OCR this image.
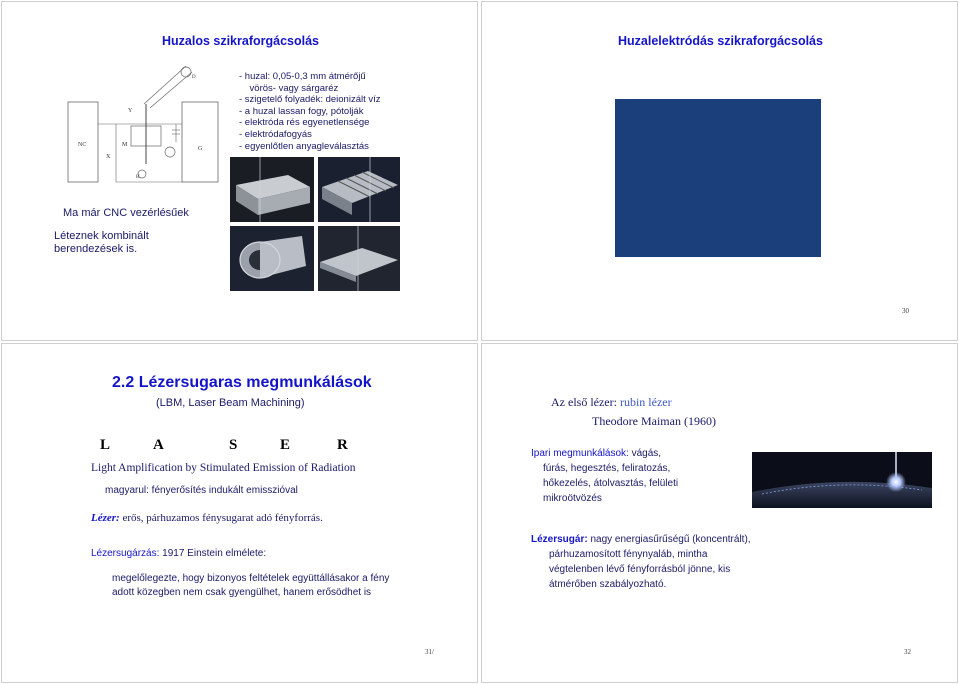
Huzalos szikraforgácsolás
NC
G
Y
X
M
D
H
- huzal: 0,05-0,3 mm átmérőjű
vörös- vagy sárgaréz
- szigetelő folyadék: deionizált víz
- a huzal lassan fogy, pótolják
- elektróda rés egyenetlensége
- elektródafogyás
- egyenlőtlen anyagleválasztás
Ma már CNC vezérlésűek
Léteznek kombinált berendezések is.
Huzalelektródás szikraforgácsolás
30
2.2 Lézersugaras megmunkálások
(LBM, Laser Beam Machining)
L	A	S	E	R
Light Amplification by Stimulated Emission of Radiation
magyarul: fényerősítés indukált emisszióval
Lézer: erős, párhuzamos fénysugarat adó fényforrás.
Lézersugárzás: 1917 Einstein elmélete:
megelőlegezte, hogy bizonyos feltételek együttállásakor a fény adott közegben nem csak gyengülhet, hanem erősödhet is
31/
Az első lézer: rubin lézer
Theodore Maiman (1960)
Ipari megmunkálások: vágás,
fúrás, hegesztés, feliratozás,
hőkezelés, átolvasztás, felületi
mikroötvözés
Lézersugár: nagy energiasűrűségű (koncentrált),
párhuzamosított fénynyaláb, mintha
végtelenben lévő fényforrásból jönne, kis
átmérőben szabályozható.
32
